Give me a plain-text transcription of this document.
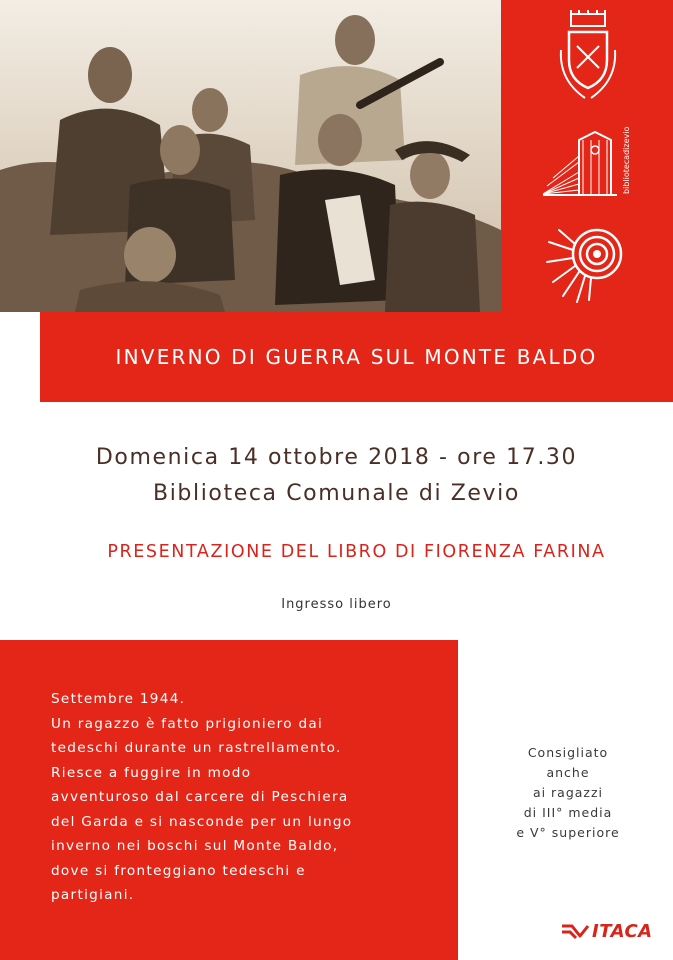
bibliotecadizevio
INVERNO DI GUERRA SUL MONTE BALDO
Domenica 14 ottobre 2018 - ore 17.30
Biblioteca Comunale di Zevio
PRESENTAZIONE DEL LIBRO DI FIORENZA FARINA
Ingresso libero
Settembre 1944.
Un ragazzo è fatto prigioniero dai
tedeschi durante un rastrellamento.
Riesce a fuggire in modo
avventuroso dal carcere di Peschiera
del Garda e si nasconde per un lungo
inverno nei boschi sul Monte Baldo,
dove si fronteggiano tedeschi e
partigiani.
Consigliato
anche
ai ragazzi
di III° media
e V° superiore
ITACA
